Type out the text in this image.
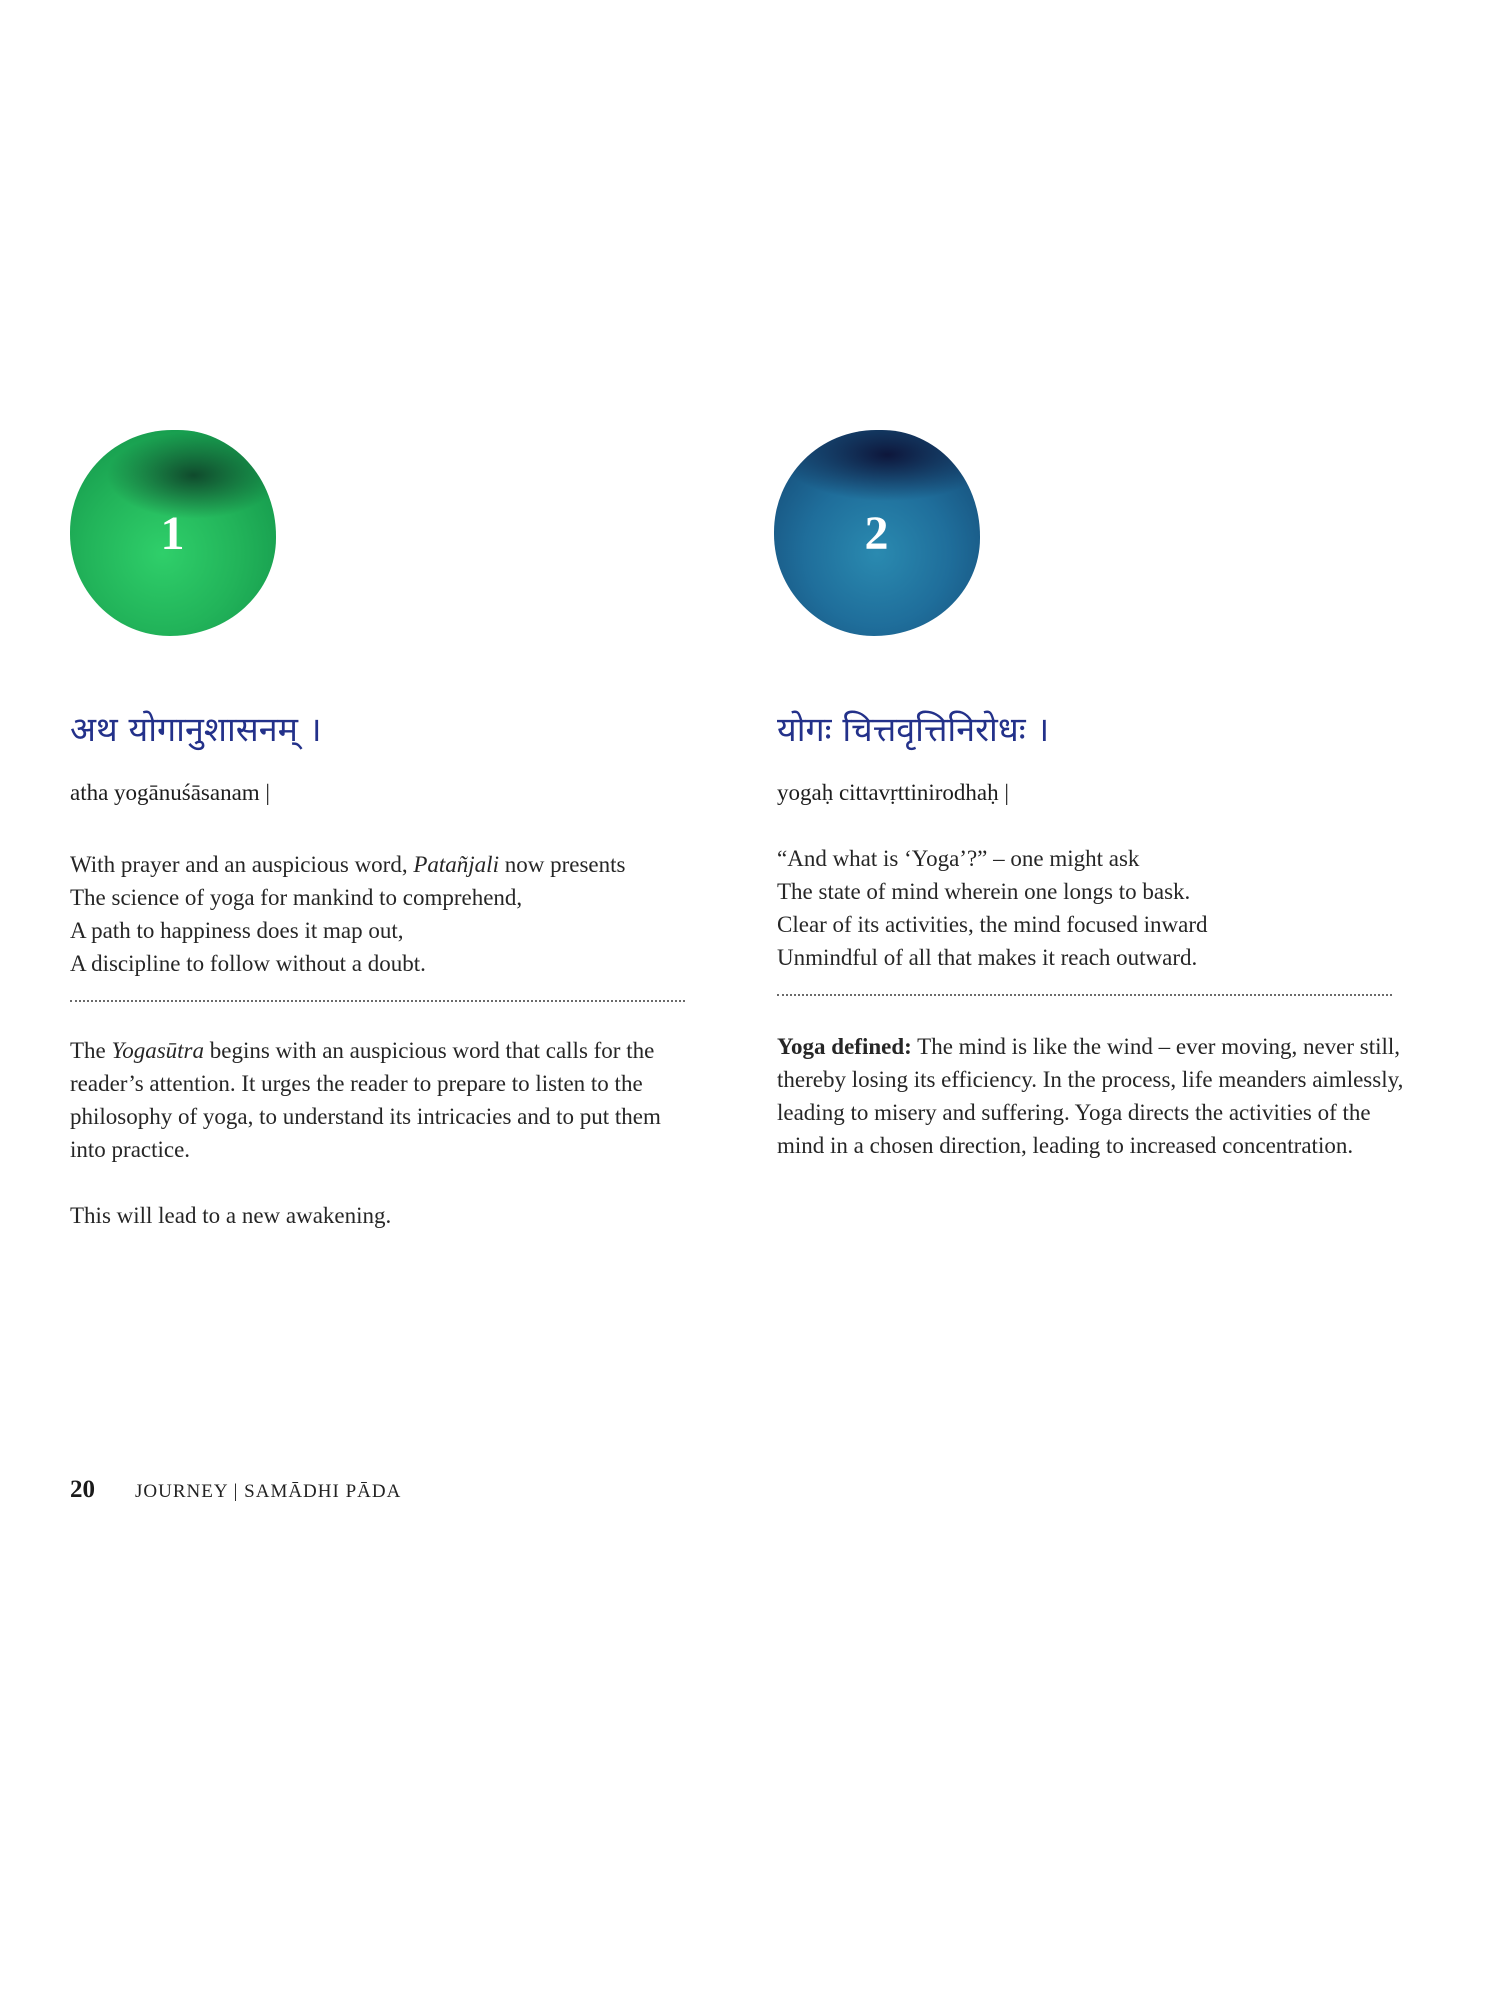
1
अथ योगानुशासनम् ।
atha yogānuśāsanam |
With prayer and an auspicious word, Patañjali now presents
The science of yoga for mankind to comprehend,
A path to happiness does it map out,
A discipline to follow without a doubt.

The Yogasūtra begins with an auspicious word that calls for the reader’s attention. It urges the reader to prepare to listen to the philosophy of yoga, to understand its intricacies and to put them into practice.

This will lead to a new awakening.

2
योगः चित्तवृत्तिनिरोधः ।
yogaḥ cittavṛttinirodhaḥ |
“And what is ‘Yoga’?” – one might ask
The state of mind wherein one longs to bask.
Clear of its activities, the mind focused inward
Unmindful of all that makes it reach outward.

Yoga defined: The mind is like the wind – ever moving, never still, thereby losing its efficiency. In the process, life meanders aimlessly, leading to misery and suffering. Yoga directs the activities of the mind in a chosen direction, leading to increased concentration.

20 JOURNEY | SAMĀDHI PĀDA
